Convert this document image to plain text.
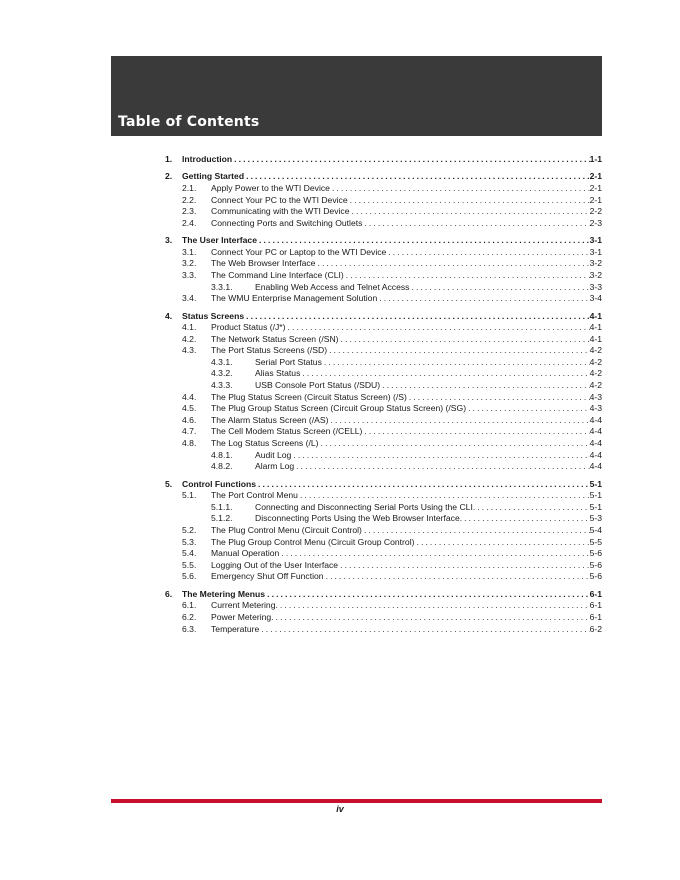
Table of Contents
1.	Introduction .....	1-1
2.	Getting Started .....	2-1
2.1.	Apply Power to the WTI Device .....	2-1
2.2.	Connect Your PC to the WTI Device .....	2-1
2.3.	Communicating with the WTI Device .....	2-2
2.4.	Connecting Ports and Switching Outlets .....	2-3
3.	The User Interface .....	3-1
3.1.	Connect Your PC or Laptop to the WTI Device .....	3-1
3.2.	The Web Browser Interface .....	3-2
3.3.	The Command Line Interface (CLI) .....	3-2
3.3.1.	Enabling Web Access and Telnet Access .....	3-3
3.4.	The WMU Enterprise Management Solution .....	3-4
4.	Status Screens .....	4-1
4.1.	Product Status (/J*) .....	4-1
4.2.	The Network Status Screen (/SN) .....	4-1
4.3.	The Port Status Screens (/SD) .....	4-2
4.3.1.	Serial Port Status .....	4-2
4.3.2.	Alias Status .....	4-2
4.3.3.	USB Console Port Status (/SDU) .....	4-2
4.4.	The Plug Status Screen (Circuit Status Screen) (/S) .....	4-3
4.5.	The Plug Group Status Screen (Circuit Group Status Screen) (/SG) .....	4-3
4.6.	The Alarm Status Screen (/AS) .....	4-4
4.7.	The Cell Modem Status Screen (/CELL) .....	4-4
4.8.	The Log Status Screens (/L) .....	4-4
4.8.1.	Audit Log .....	4-4
4.8.2.	Alarm Log .....	4-4
5.	Control Functions .....	5-1
5.1.	The Port Control Menu .....	5-1
5.1.1.	Connecting and Disconnecting Serial Ports Using the CLI. .....	5-1
5.1.2.	Disconnecting Ports Using the Web Browser Interface. .....	5-3
5.2.	The Plug Control Menu (Circuit Control) .....	5-4
5.3.	The Plug Group Control Menu (Circuit Group Control) .....	5-5
5.4.	Manual Operation .....	5-6
5.5.	Logging Out of the User Interface .....	5-6
5.6.	Emergency Shut Off Function .....	5-6
6.	The Metering Menus .....	6-1
6.1.	Current Metering. .....	6-1
6.2.	Power Metering. .....	6-1
6.3.	Temperature .....	6-2
iv
